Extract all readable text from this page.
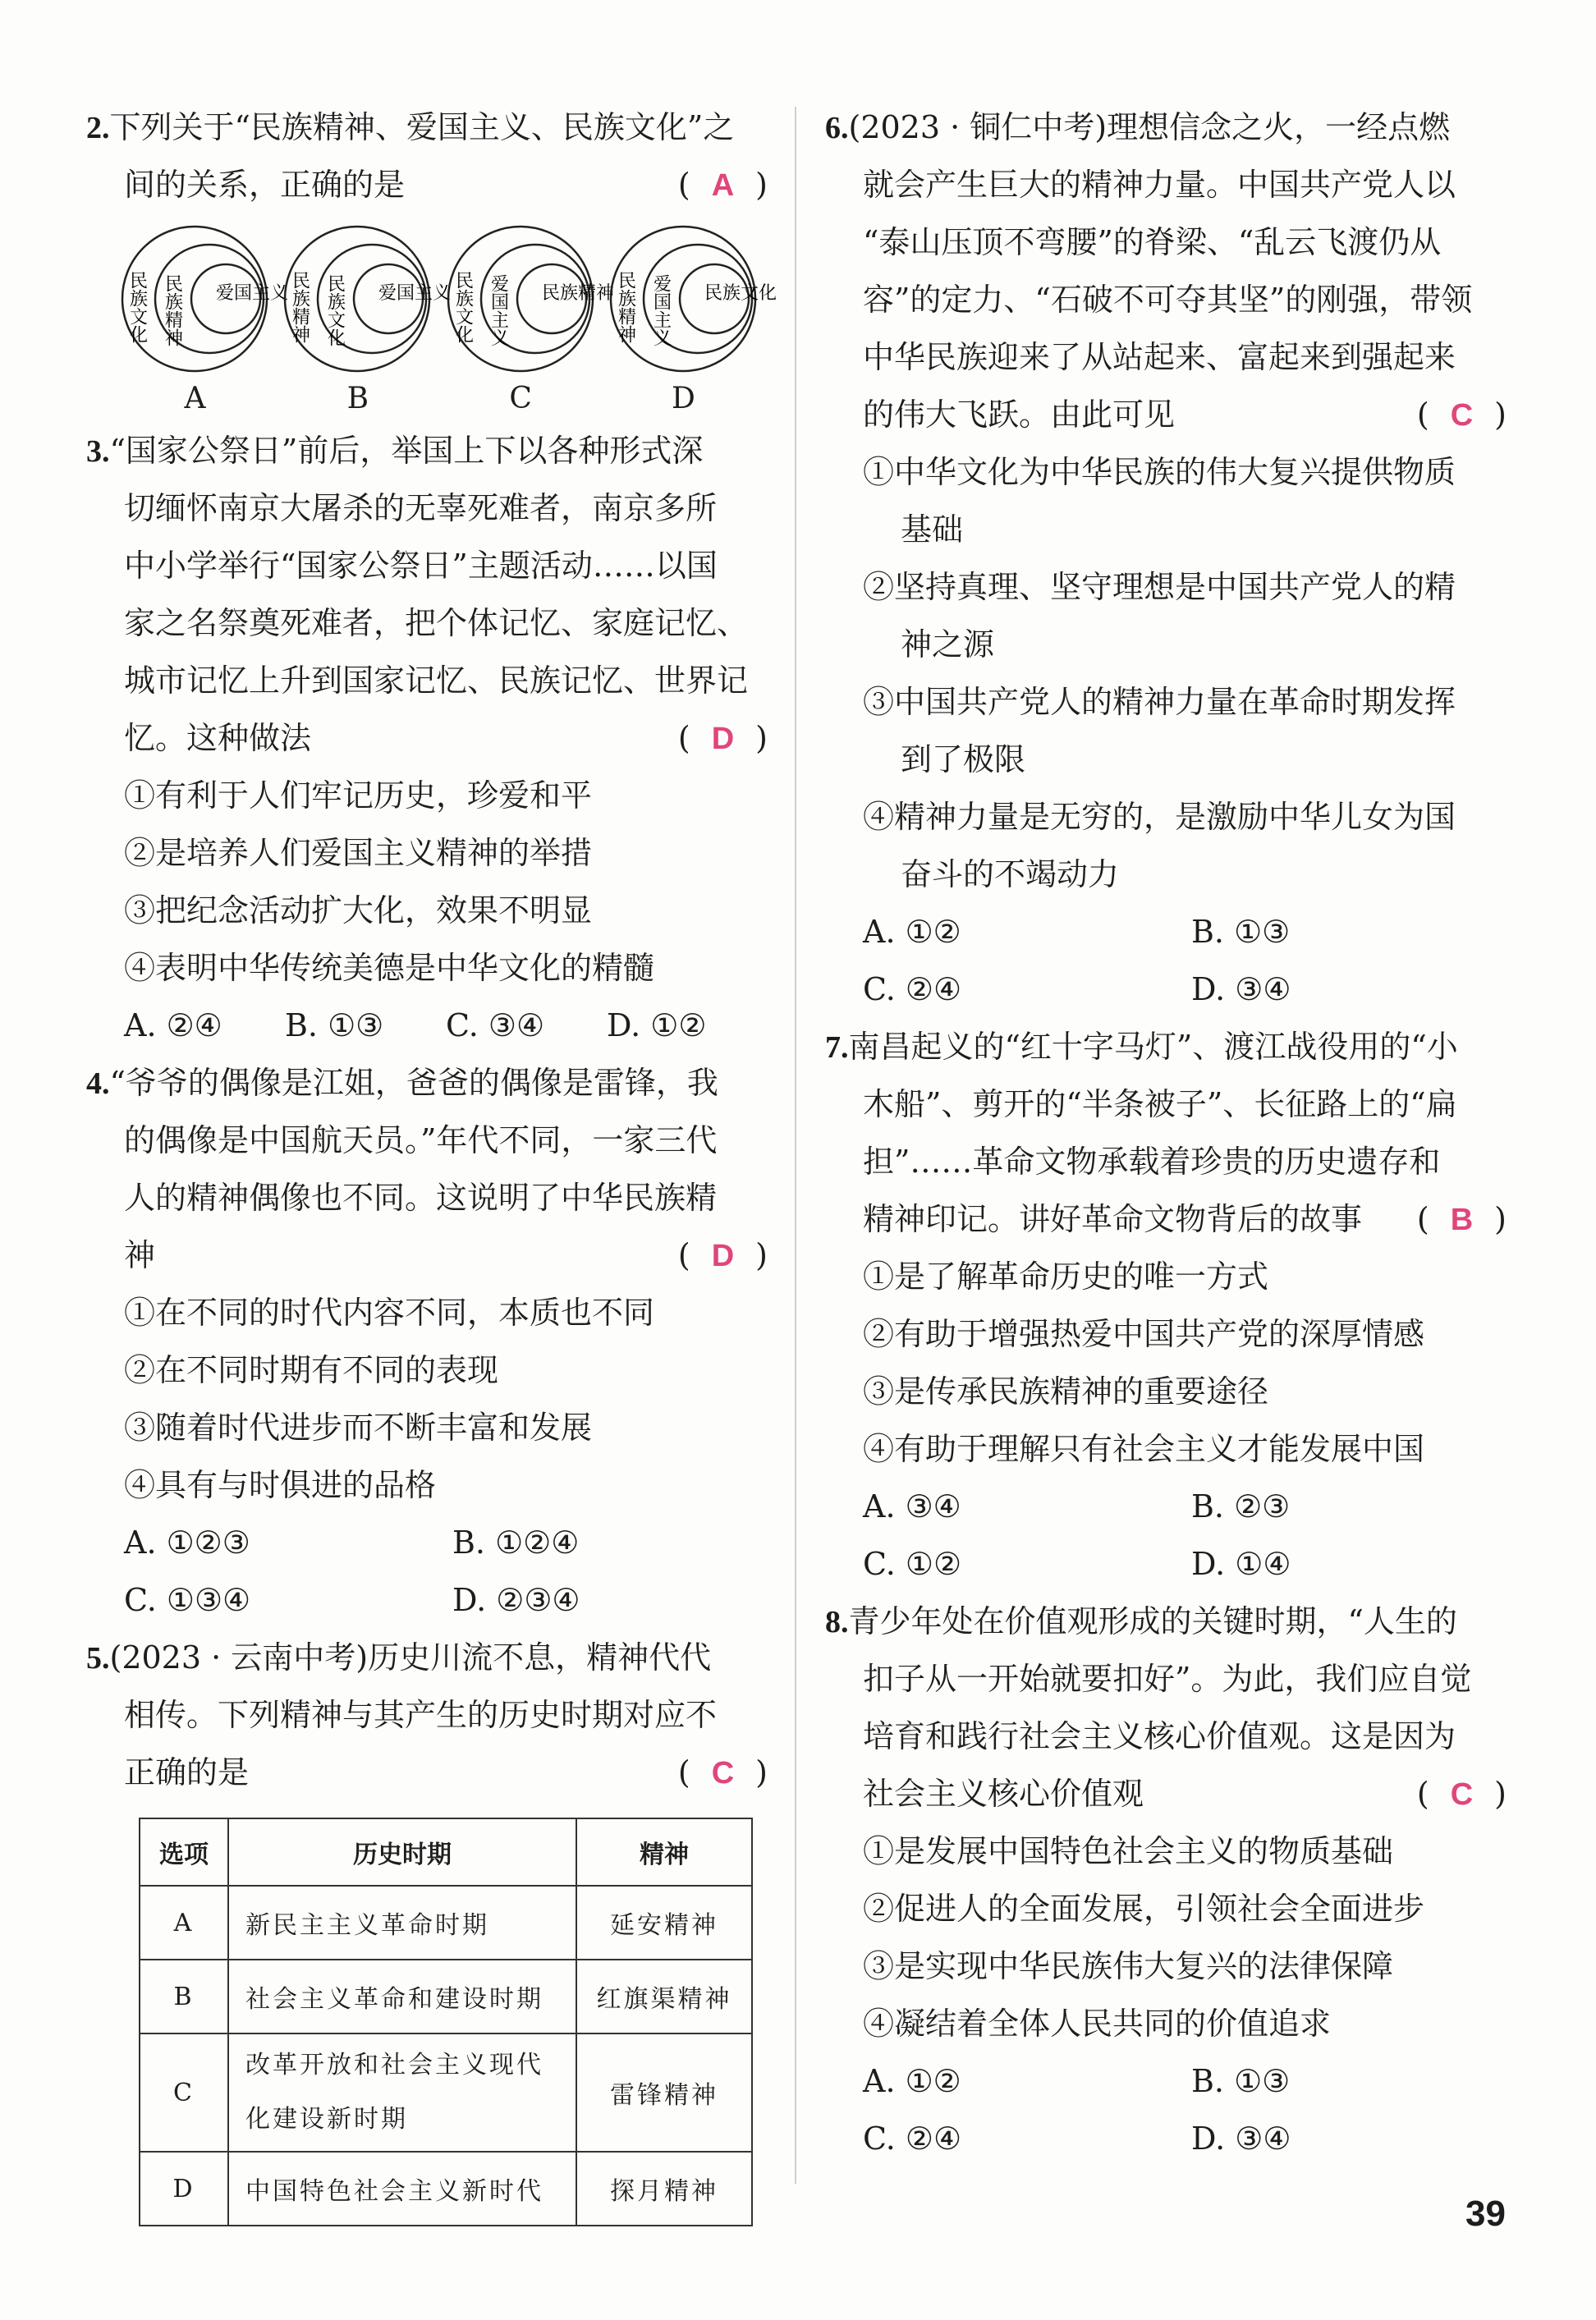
2.下列关于“民族精神、爱国主义、民族文化”之
间的关系，正确的是	( A )
民族文化 民族精神 爱国主义
A
民族精神 民族文化 爱国主义
B
民族文化 爱国主义 民族精神
C
民族精神 爱国主义 民族文化
D
3.“国家公祭日”前后，举国上下以各种形式深
切缅怀南京大屠杀的无辜死难者，南京多所
中小学举行“国家公祭日”主题活动……以国
家之名祭奠死难者，把个体记忆、家庭记忆、
城市记忆上升到国家记忆、民族记忆、世界记
忆。这种做法	( D )
①有利于人们牢记历史，珍爱和平
②是培养人们爱国主义精神的举措
③把纪念活动扩大化，效果不明显
④表明中华传统美德是中华文化的精髓
A. ②④	B. ①③	C. ③④	D. ①②
4.“爷爷的偶像是江姐，爸爸的偶像是雷锋，我
的偶像是中国航天员。”年代不同，一家三代
人的精神偶像也不同。这说明了中华民族精
神	( D )
①在不同的时代内容不同，本质也不同
②在不同时期有不同的表现
③随着时代进步而不断丰富和发展
④具有与时俱进的品格
A. ①②③	B. ①②④
C. ①③④	D. ②③④
5.(2023 · 云南中考)历史川流不息，精神代代
相传。下列精神与其产生的历史时期对应不
正确的是	( C )
选项	历史时期	精神
A	新民主主义革命时期	延安精神
B	社会主义革命和建设时期	红旗渠精神
C	改革开放和社会主义现代
化建设新时期	雷锋精神
D	中国特色社会主义新时代	探月精神
6.(2023 · 铜仁中考)理想信念之火，一经点燃
就会产生巨大的精神力量。中国共产党人以
“泰山压顶不弯腰”的脊梁、“乱云飞渡仍从
容”的定力、“石破不可夺其坚”的刚强，带领
中华民族迎来了从站起来、富起来到强起来
的伟大飞跃。由此可见	( C )
①中华文化为中华民族的伟大复兴提供物质
基础
②坚持真理、坚守理想是中国共产党人的精
神之源
③中国共产党人的精神力量在革命时期发挥
到了极限
④精神力量是无穷的，是激励中华儿女为国
奋斗的不竭动力
A. ①②	B. ①③
C. ②④	D. ③④
7.南昌起义的“红十字马灯”、渡江战役用的“小
木船”、剪开的“半条被子”、长征路上的“扁
担”……革命文物承载着珍贵的历史遗存和
精神印记。讲好革命文物背后的故事 ( B )
①是了解革命历史的唯一方式
②有助于增强热爱中国共产党的深厚情感
③是传承民族精神的重要途径
④有助于理解只有社会主义才能发展中国
A. ③④	B. ②③
C. ①②	D. ①④
8.青少年处在价值观形成的关键时期，“人生的
扣子从一开始就要扣好”。为此，我们应自觉
培育和践行社会主义核心价值观。这是因为
社会主义核心价值观	( C )
①是发展中国特色社会主义的物质基础
②促进人的全面发展，引领社会全面进步
③是实现中华民族伟大复兴的法律保障
④凝结着全体人民共同的价值追求
A. ①②	B. ①③
C. ②④	D. ③④
39
